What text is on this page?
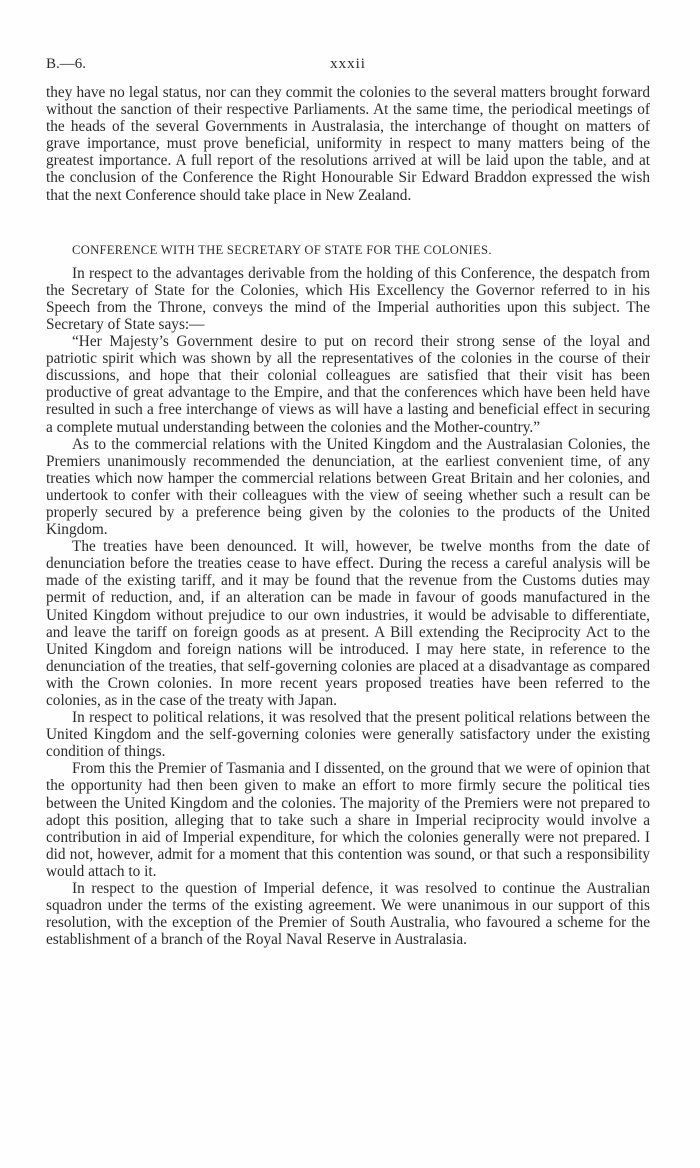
B.—6.	xxxii

they have no legal status, nor can they commit the colonies to the several matters brought forward without the sanction of their respective Parliaments. At the same time, the periodical meetings of the heads of the several Governments in Australasia, the interchange of thought on matters of grave importance, must prove beneficial, uniformity in respect to many matters being of the greatest importance. A full report of the resolutions arrived at will be laid upon the table, and at the conclusion of the Conference the Right Honourable Sir Edward Braddon expressed the wish that the next Conference should take place in New Zealand.

CONFERENCE WITH THE SECRETARY OF STATE FOR THE COLONIES.

In respect to the advantages derivable from the holding of this Conference, the despatch from the Secretary of State for the Colonies, which His Excellency the Governor referred to in his Speech from the Throne, conveys the mind of the Imperial authorities upon this subject. The Secretary of State says:—

“Her Majesty’s Government desire to put on record their strong sense of the loyal and patriotic spirit which was shown by all the representatives of the colonies in the course of their discussions, and hope that their colonial colleagues are satisfied that their visit has been productive of great advantage to the Empire, and that the conferences which have been held have resulted in such a free interchange of views as will have a lasting and beneficial effect in securing a complete mutual understanding between the colonies and the Mother-country.”

As to the commercial relations with the United Kingdom and the Australasian Colonies, the Premiers unanimously recommended the denunciation, at the earliest convenient time, of any treaties which now hamper the commercial relations between Great Britain and her colonies, and undertook to confer with their colleagues with the view of seeing whether such a result can be properly secured by a preference being given by the colonies to the products of the United Kingdom.

The treaties have been denounced. It will, however, be twelve months from the date of denunciation before the treaties cease to have effect. During the recess a careful analysis will be made of the existing tariff, and it may be found that the revenue from the Customs duties may permit of reduction, and, if an alteration can be made in favour of goods manufactured in the United Kingdom without prejudice to our own industries, it would be advisable to differentiate, and leave the tariff on foreign goods as at present. A Bill extending the Reciprocity Act to the United Kingdom and foreign nations will be introduced. I may here state, in reference to the denunciation of the treaties, that self-governing colonies are placed at a disadvantage as compared with the Crown colonies. In more recent years proposed treaties have been referred to the colonies, as in the case of the treaty with Japan.

In respect to political relations, it was resolved that the present political relations between the United Kingdom and the self-governing colonies were generally satisfactory under the existing condition of things.

From this the Premier of Tasmania and I dissented, on the ground that we were of opinion that the opportunity had then been given to make an effort to more firmly secure the political ties between the United Kingdom and the colonies. The majority of the Premiers were not prepared to adopt this position, alleging that to take such a share in Imperial reciprocity would involve a contribution in aid of Imperial expenditure, for which the colonies generally were not prepared. I did not, however, admit for a moment that this contention was sound, or that such a responsibility would attach to it.

In respect to the question of Imperial defence, it was resolved to continue the Australian squadron under the terms of the existing agreement. We were unanimous in our support of this resolution, with the exception of the Premier of South Australia, who favoured a scheme for the establishment of a branch of the Royal Naval Reserve in Australasia.
